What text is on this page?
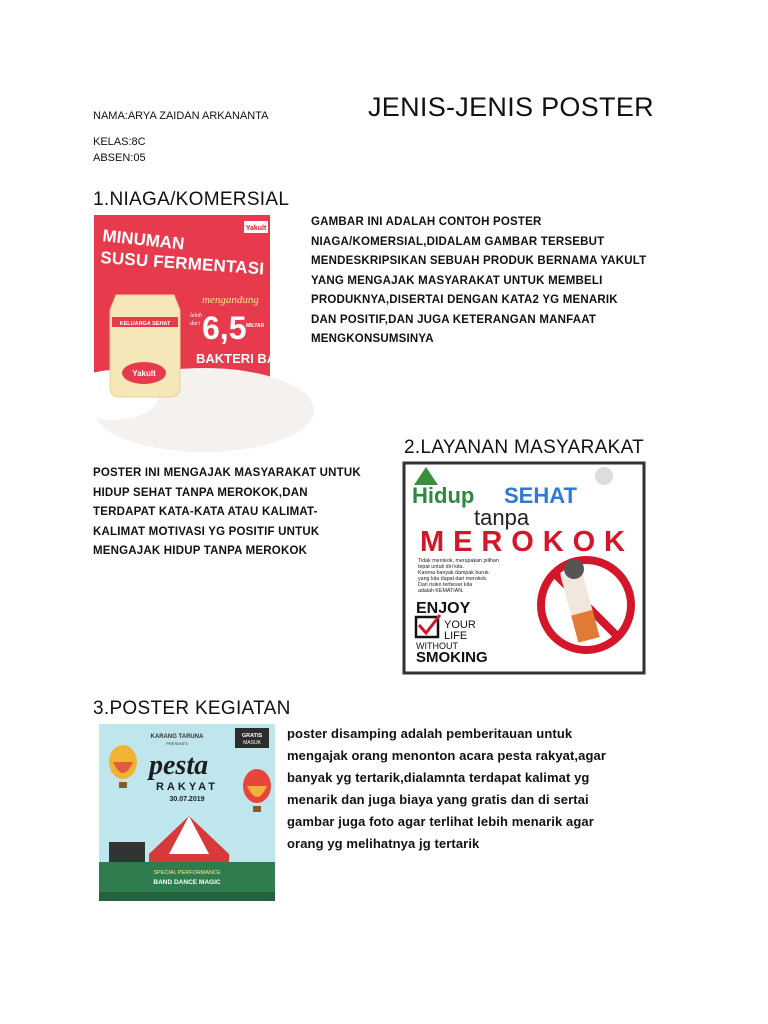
NAMA:ARYA ZAIDAN ARKANANTA	JENIS-JENIS POSTER
KELAS:8C
ABSEN:05
1.NIAGA/KOMERSIAL
Yakult
MINUMAN
SUSU FERMENTASI
mengandung
lebih
dari 6,5 MILYAR
BAKTERI BAIK
KELUARGA SEHAT
Yakult

GAMBAR INI ADALAH CONTOH POSTER

NIAGA/KOMERSIAL,DIDALAM GAMBAR TERSEBUT

MENDESKRIPSIKAN SEBUAH PRODUK BERNAMA YAKULT

YANG MENGAJAK MASYARAKAT UNTUK MEMBELI

PRODUKNYA,DISERTAI DENGAN KATA2 YG MENARIK

DAN POSITIF,DAN JUGA KETERANGAN MANFAAT

MENGKONSUMSINYA

2.LAYANAN MASYARAKAT

POSTER INI MENGAJAK MASYARAKAT UNTUK

HIDUP SEHAT TANPA MEROKOK,DAN

TERDAPAT KATA-KATA ATAU KALIMAT-

KALIMAT MOTIVASI YG POSITIF UNTUK

MENGAJAK HIDUP TANPA MEROKOK

Hidup SEHAT
tanpa
MEROKOK
Tidak merokok, merupakan pilihan
tepat untuk diri kita.
Karena banyak dampak buruk
yang kita dapat dari merokok.
Dari risiko terbesar kita
adalah KEMATIAN.
ENJOY
YOUR
LIFE
WITHOUT
SMOKING
3.POSTER KEGIATAN
KARANG TARUNA
PRESENTS
GRATIS
MASUK
pesta
RAKYAT
30.07.2019
SPECIAL PERFORMANCE
BAND DANCE MAGIC

poster disamping adalah pemberitauan untuk

mengajak orang menonton acara pesta rakyat,agar

banyak yg tertarik,dialamnta terdapat kalimat yg

menarik dan juga biaya yang gratis dan di sertai

gambar juga foto agar terlihat lebih menarik agar

orang yg melihatnya jg tertarik
